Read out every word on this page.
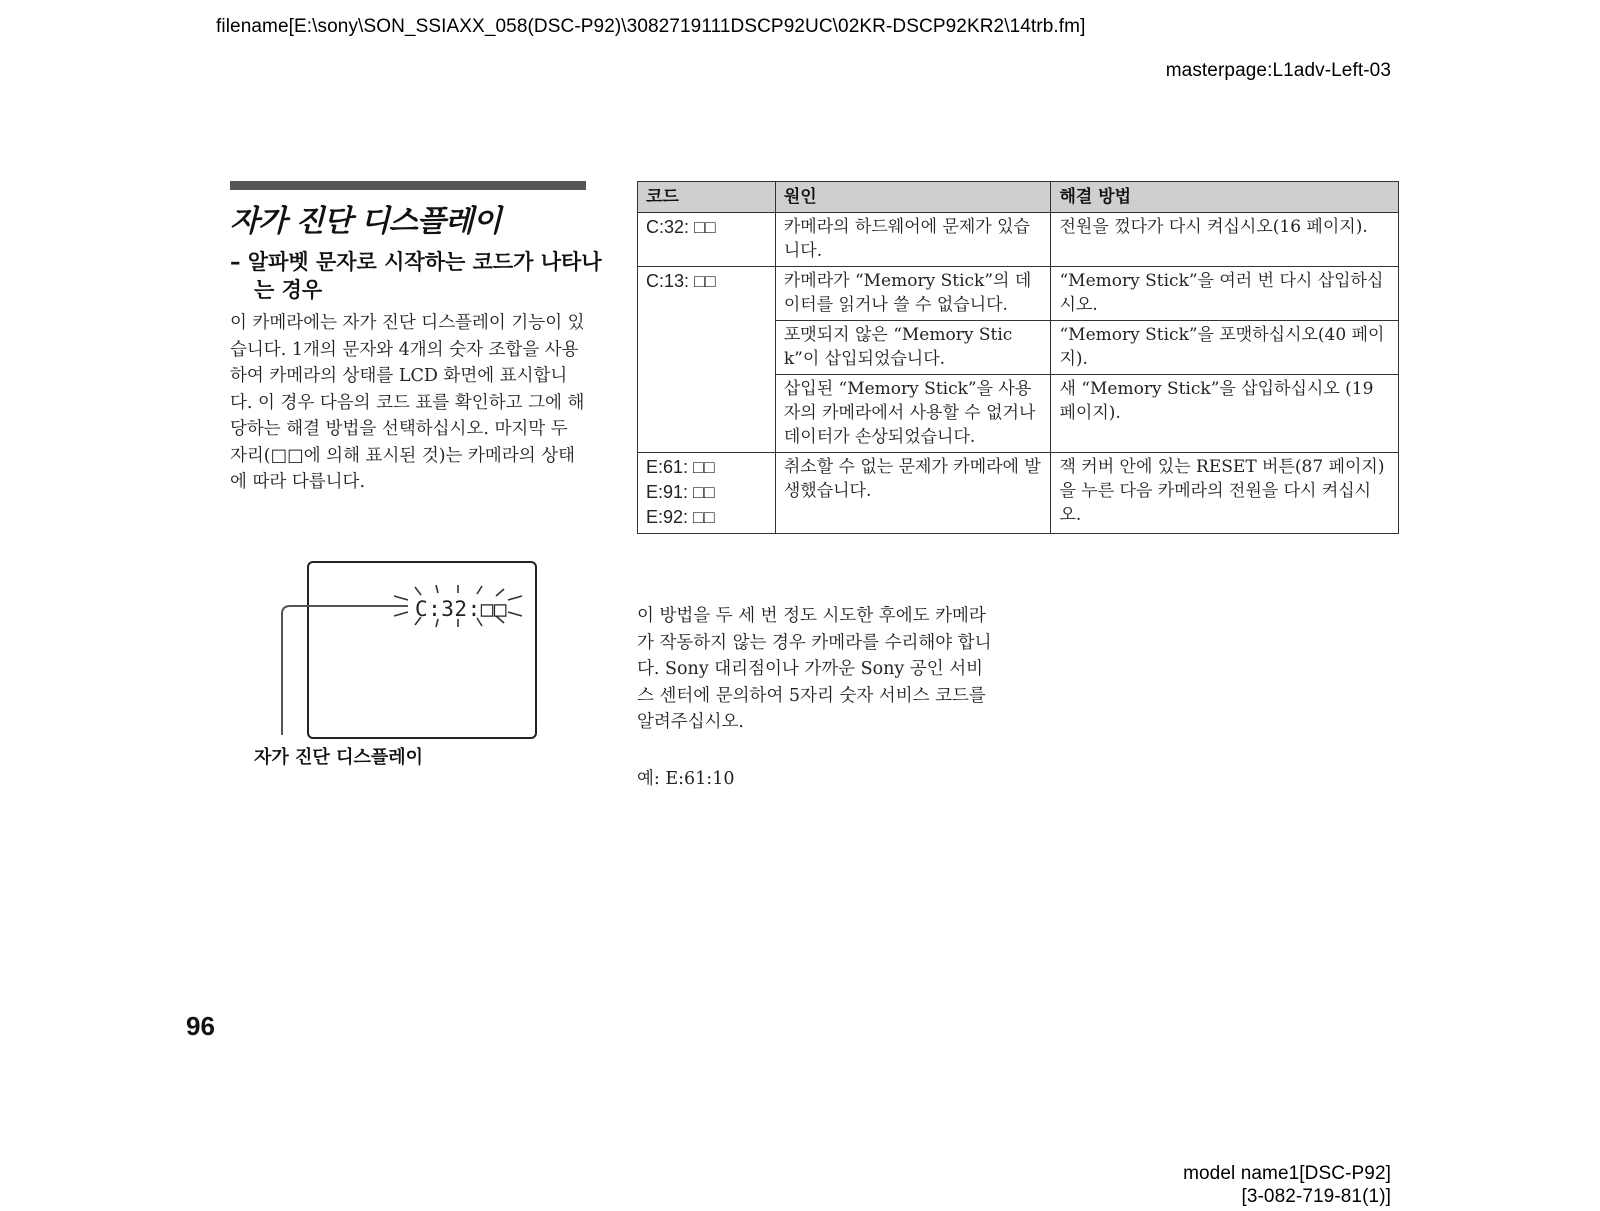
filename[E:\sony\SON_SSIAXX_058(DSC-P92)\3082719111DSCP92UC\02KR-DSCP92KR2\14trb.fm]
masterpage:L1adv-Left-03
자가 진단 디스플레이
– 알파벳 문자로 시작하는 코드가 나타나는 경우
이 카메라에는 자가 진단 디스플레이 기능이 있습니다. 1개의 문자와 4개의 숫자 조합을 사용하여 카메라의 상태를 LCD 화면에 표시합니다. 이 경우 다음의 코드 표를 확인하고 그에 해당하는 해결 방법을 선택하십시오. 마지막 두 자리(□□에 의해 표시된 것)는 카메라의 상태에 따라 다릅니다.
C:32:□□
자가 진단 디스플레이
코드	원인	해결 방법
C:32: □□	카메라의 하드웨어에 문제가 있습니다.	전원을 껐다가 다시 켜십시오(16 페이지).
C:13: □□	카메라가 “Memory Stick”의 데이터를 읽거나 쓸 수 없습니다.	“Memory Stick”을 여러 번 다시 삽입하십시오.
	포맷되지 않은 “Memory Stick”이 삽입되었습니다.	“Memory Stick”을 포맷하십시오(40 페이지).
	삽입된 “Memory Stick”을 사용자의 카메라에서 사용할 수 없거나 데이터가 손상되었습니다.	새 “Memory Stick”을 삽입하십시오 (19 페이지).
E:61: □□
E:91: □□
E:92: □□	취소할 수 없는 문제가 카메라에 발생했습니다.	잭 커버 안에 있는 RESET 버튼(87 페이지)을 누른 다음 카메라의 전원을 다시 켜십시오.
이 방법을 두 세 번 정도 시도한 후에도 카메라가 작동하지 않는 경우 카메라를 수리해야 합니다. Sony 대리점이나 가까운 Sony 공인 서비스 센터에 문의하여 5자리 숫자 서비스 코드를 알려주십시오.
예: E:61:10
96
model name1[DSC-P92]
[3-082-719-81(1)]
